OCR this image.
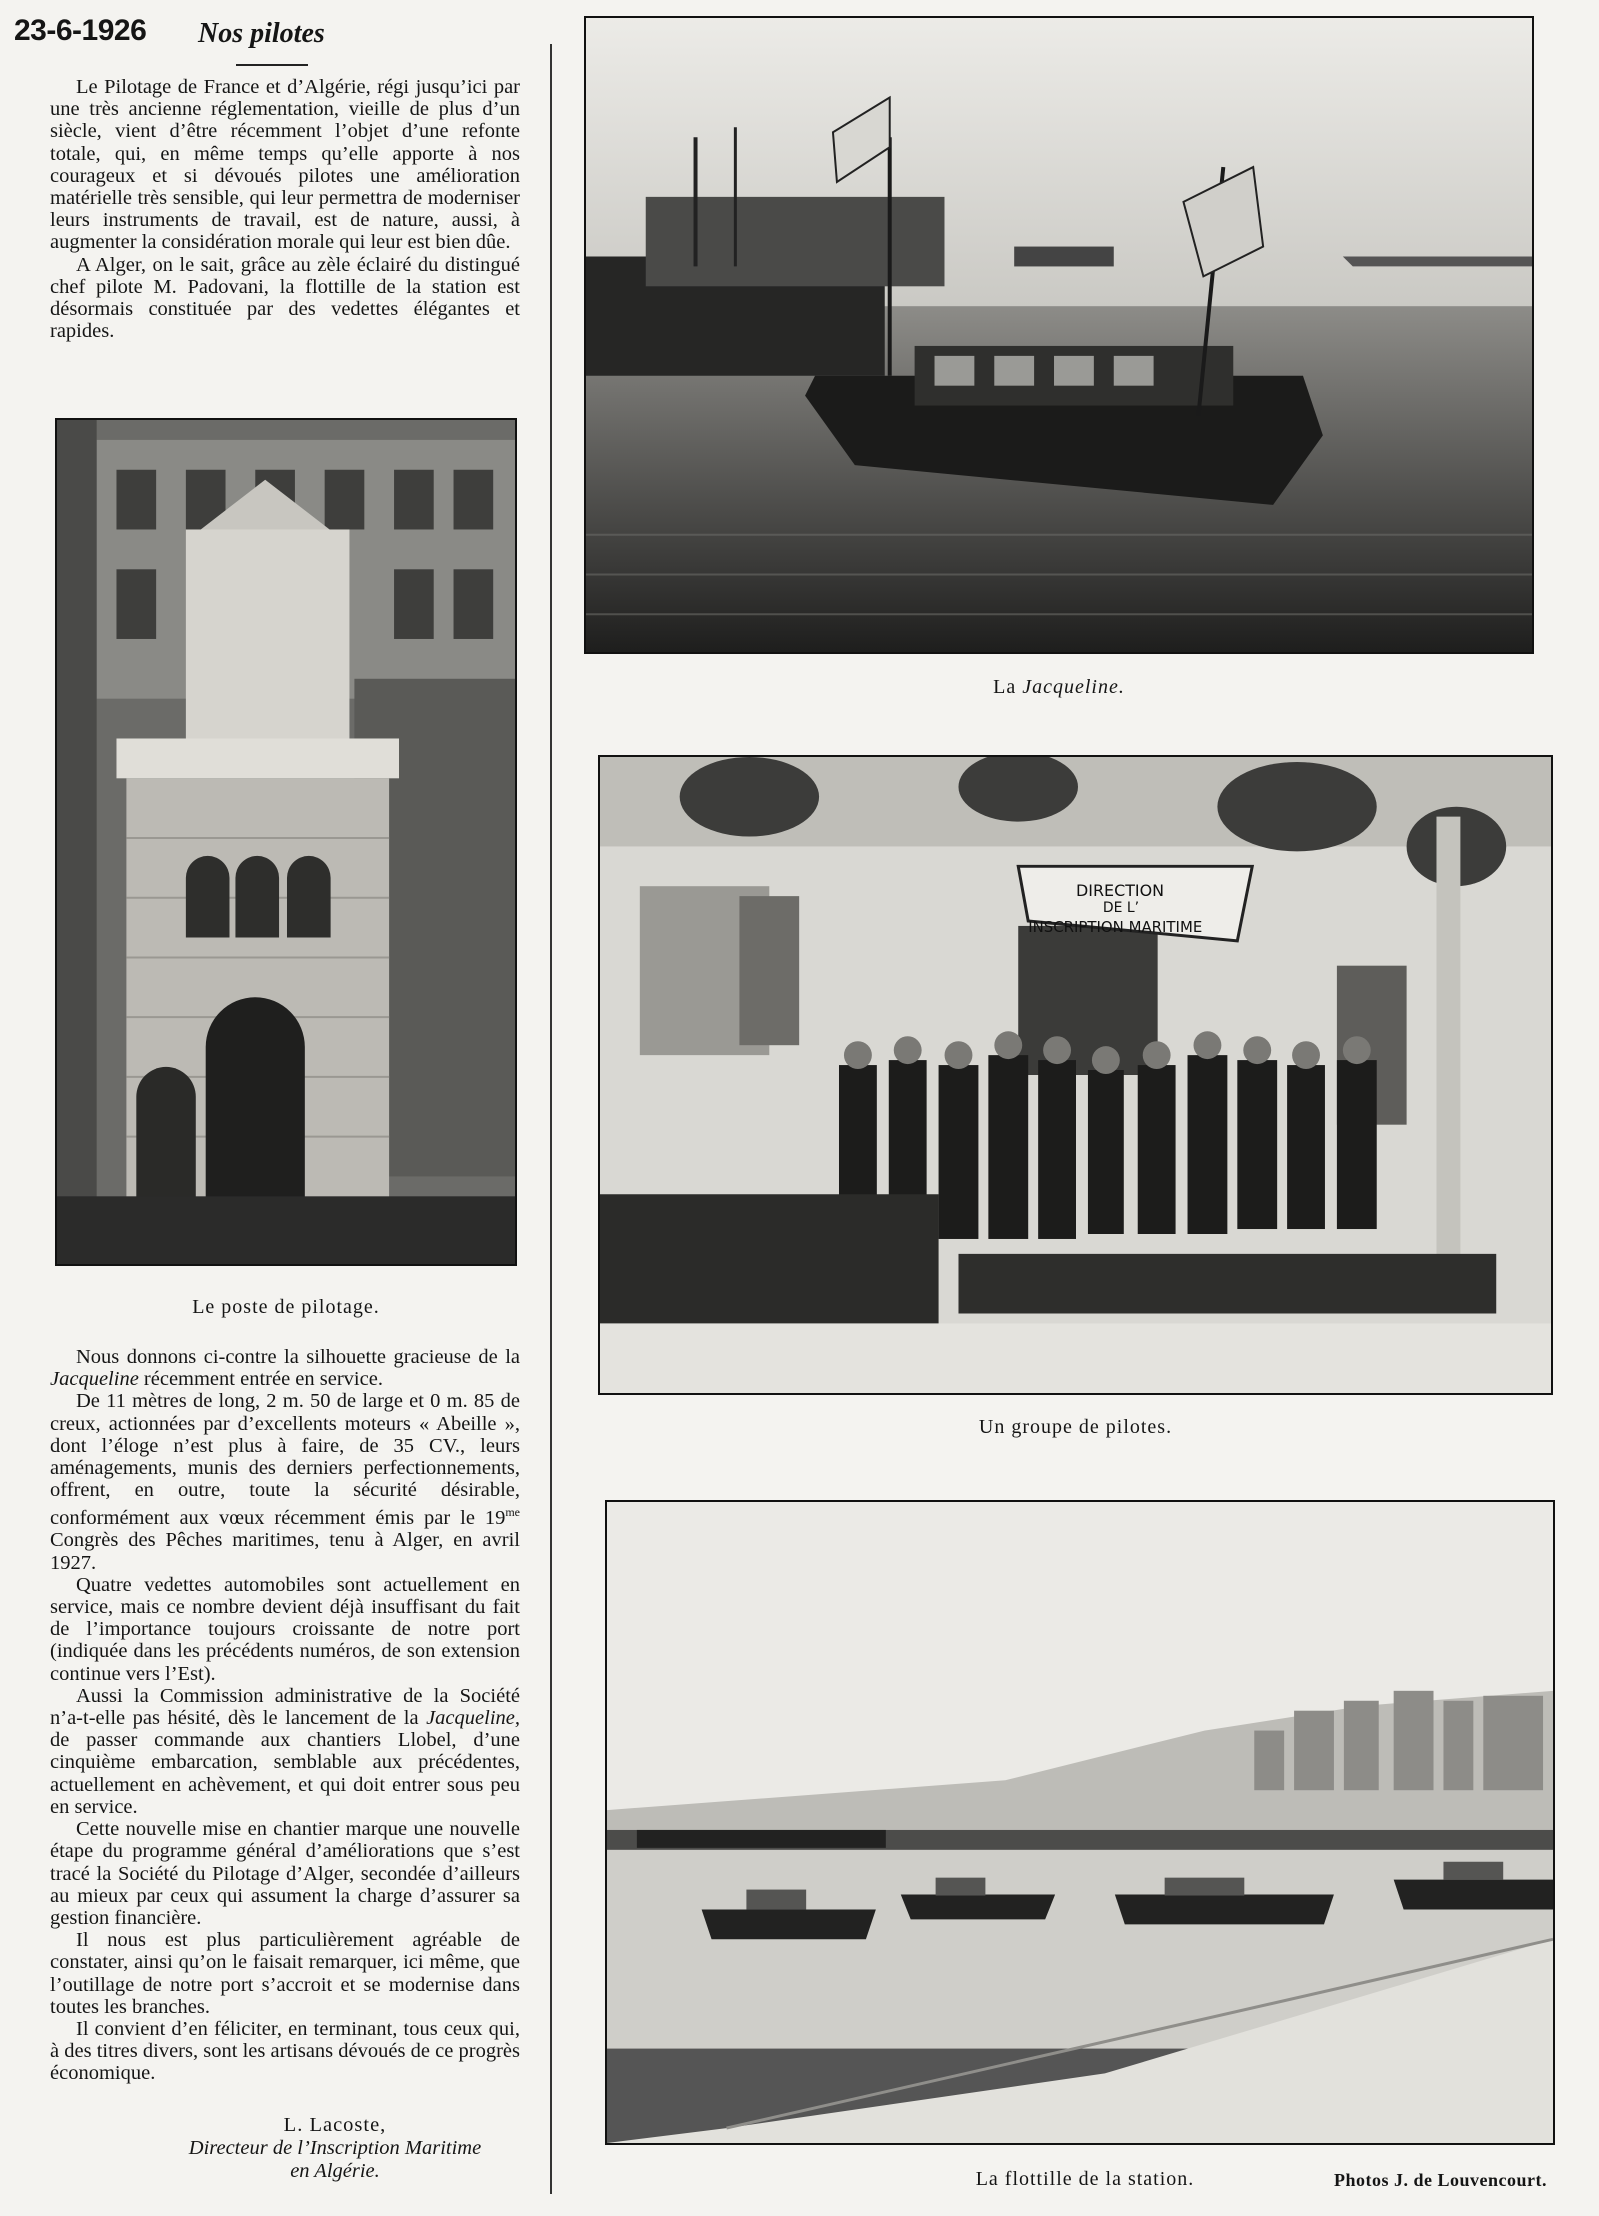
23-6-1926 Nos pilotes

Le Pilotage de France et d’Algérie, régi jusqu’ici par une très ancienne réglementation, vieille de plus d’un siècle, vient d’être récemment l’objet d’une refonte totale, qui, en même temps qu’elle apporte à nos courageux et si dévoués pilotes une amélioration matérielle très sensible, qui leur permettra de moderniser leurs instruments de travail, est de nature, aussi, à augmenter la considération morale qui leur est bien dûe.

A Alger, on le sait, grâce au zèle éclairé du distingué chef pilote M. Padovani, la flottille de la station est désormais constituée par des vedettes élégantes et rapides.

Le poste de pilotage.

Nous donnons ci-contre la silhouette gracieuse de la Jacqueline récemment entrée en service.

De 11 mètres de long, 2 m. 50 de large et 0 m. 85 de creux, actionnées par d’excellents moteurs « Abeille », dont l’éloge n’est plus à faire, de 35 CV., leurs aménagements, munis des derniers perfectionnements, offrent, en outre, toute la sécurité désirable, conformément aux vœux récemment émis par le $19^{me}$ Congrès des Pêches maritimes, tenu à Alger, en avril 1927.

Quatre vedettes automobiles sont actuellement en service, mais ce nombre devient déjà insuffisant du fait de l’importance toujours croissante de notre port (indiquée dans les précédents numéros, de son extension continue vers l’Est).

Aussi la Commission administrative de la Société n’a-t-elle pas hésité, dès le lancement de la Jacqueline, de passer commande aux chantiers Llobel, d’une cinquième embarcation, semblable aux précédentes, actuellement en achèvement, et qui doit entrer sous peu en service.

Cette nouvelle mise en chantier marque une nouvelle étape du programme général d’améliorations que s’est tracé la Société du Pilotage d’Alger, secondée d’ailleurs au mieux par ceux qui assument la charge d’assurer sa gestion financière.

Il nous est plus particulièrement agréable de constater, ainsi qu’on le faisait remarquer, ici même, que l’outillage de notre port s’accroit et se modernise dans toutes les branches.

Il convient d’en féliciter, en terminant, tous ceux qui, à des titres divers, sont les artisans dévoués de ce progrès économique.

L. Lacoste,
Directeur de l’Inscription Maritime
en Algérie.
La Jacqueline.
DIRECTION
DE L’
INSCRIPTION MARITIME
Un groupe de pilotes.
La flottille de la station.	Photos J. de Louvencourt.
